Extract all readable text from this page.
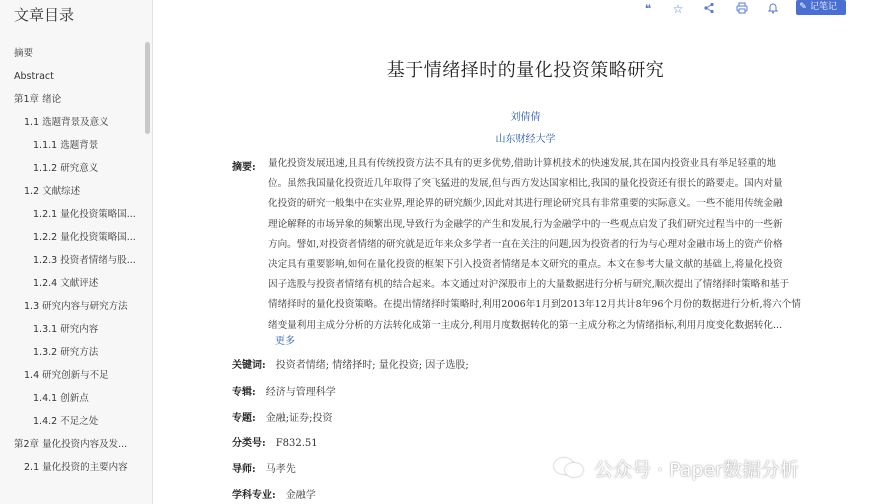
文章目录
摘要
Abstract
第1章 绪论
1.1 选题背景及意义
1.1.1 选题背景
1.1.2 研究意义
1.2 文献综述
1.2.1 量化投资策略国...
1.2.2 量化投资策略国...
1.2.3 投资者情绪与股...
1.2.4 文献评述
1.3 研究内容与研究方法
1.3.1 研究内容
1.3.2 研究方法
1.4 研究创新与不足
1.4.1 创新点
1.4.2 不足之处
第2章 量化投资内容及发...
2.1 量化投资的主要内容
❝	☆	✎ 记笔记
基于情绪择时的量化投资策略研究
刘倩倩
山东财经大学
摘要: 量化投资发展迅速,且具有传统投资方法不具有的更多优势,借助计算机技术的快速发展,其在国内投资业具有举足轻重的地
位。虽然我国量化投资近几年取得了突飞猛进的发展,但与西方发达国家相比,我国的量化投资还有很长的路要走。国内对量
化投资的研究一般集中在实业界,理论界的研究颇少,因此对其进行理论研究具有非常重要的实际意义。一些不能用传统金融
理论解释的市场异象的频繁出现,导致行为金融学的产生和发展,行为金融学中的一些观点启发了我们研究过程当中的一些新
方向。譬如,对投资者情绪的研究就是近年来众多学者一直在关注的问题,因为投资者的行为与心理对金融市场上的资产价格
决定具有重要影响,如何在量化投资的框架下引入投资者情绪是本文研究的重点。本文在参考大量文献的基础上,将量化投资
因子选股与投资者情绪有机的结合起来。本文通过对沪深股市上的大量数据进行分析与研究,顺次提出了情绪择时策略和基于
情绪择时的量化投资策略。在提出情绪择时策略时,利用2006年1月到2013年12月共计8年96个月份的数据进行分析,将六个情
绪变量利用主成分分析的方法转化成第一主成分,利用月度数据转化的第一主成分称之为情绪指标,利用月度变化数据转化...
更多
关键词: 投资者情绪; 情绪择时; 量化投资; 因子选股;
专辑: 经济与管理科学
专题: 金融;证券;投资
分类号: F832.51
导师: 马孝先
学科专业: 金融学
公众号 · Paper数据分析
